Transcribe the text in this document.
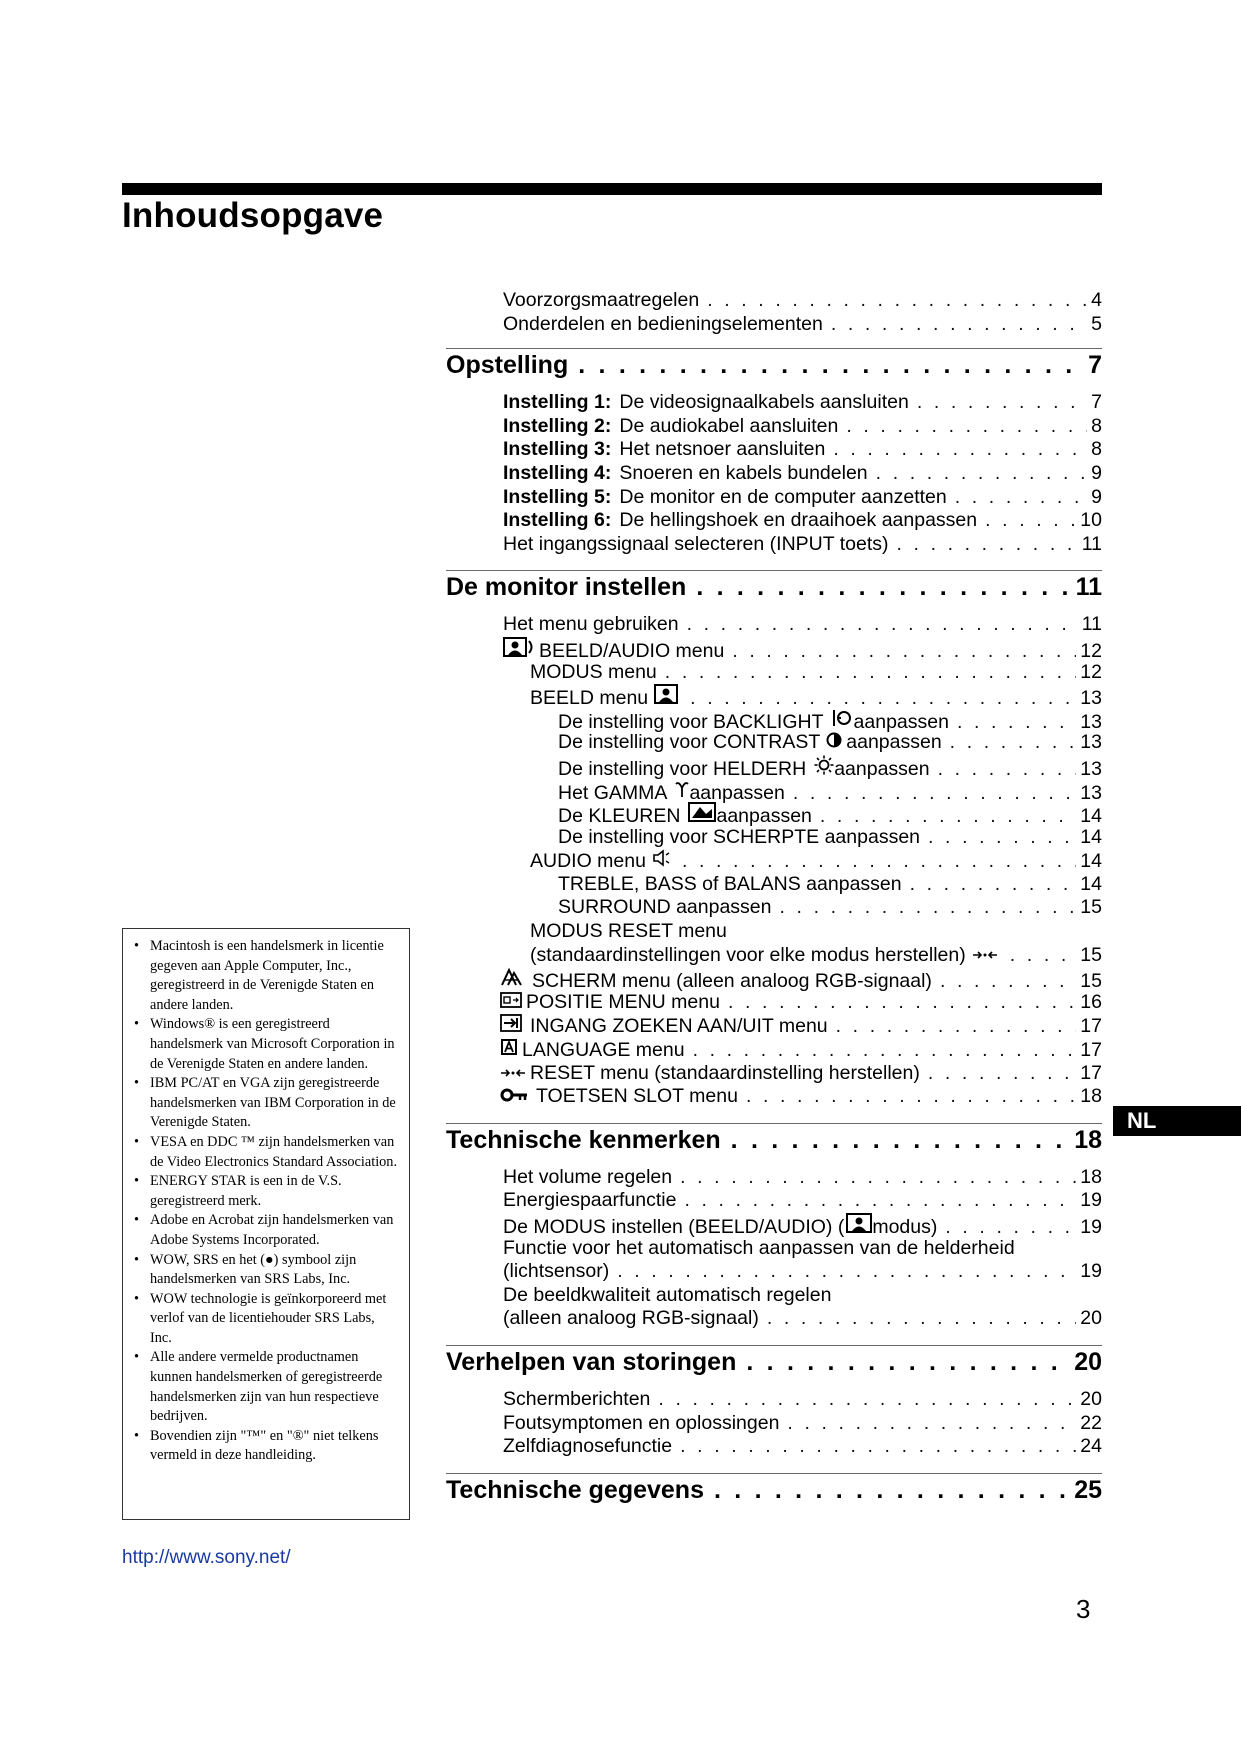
Inhoudsopgave
Voorzorgsmaatregelen . . .	4
Onderdelen en bedieningselementen . . .	5
Opstelling . . .	7
Instelling 1: De videosignaalkabels aansluiten . . .	7
Instelling 2: De audiokabel aansluiten . . .	8
Instelling 3: Het netsnoer aansluiten . . .	8
Instelling 4: Snoeren en kabels bundelen . . .	9
Instelling 5: De monitor en de computer aanzetten . . .	9
Instelling 6: De hellingshoek en draaihoek aanpassen . . .	10
Het ingangssignaal selecteren (INPUT toets) . . .	11
De monitor instellen . . .	11
Het menu gebruiken . . .	11
BEELD/AUDIO menu . . .	12
MODUS menu . . .	12
BEELD menu . . .	13
De instelling voor BACKLIGHT aanpassen . . .	13
De instelling voor CONTRAST aanpassen . . .	13
De instelling voor HELDERH aanpassen . . .	13
Het GAMMA aanpassen . . .	13
De KLEUREN aanpassen . . .	14
De instelling voor SCHERPTE aanpassen . . .	14
AUDIO menu . . .	14
TREBLE, BASS of BALANS aanpassen . . .	14
SURROUND aanpassen . . .	15
MODUS RESET menu
(standaardinstellingen voor elke modus herstellen) . . .	15
SCHERM menu (alleen analoog RGB-signaal) . . .	15
POSITIE MENU menu . . .	16
INGANG ZOEKEN AAN/UIT menu . . .	17
LANGUAGE menu . . .	17
RESET menu (standaardinstelling herstellen) . . .	17
TOETSEN SLOT menu . . .	18
Technische kenmerken . . .	18
Het volume regelen . . .	18
Energiespaarfunctie . . .	19
De MODUS instellen (BEELD/AUDIO) ( modus) . . .	19
Functie voor het automatisch aanpassen van de helderheid
(lichtsensor) . . .	19
De beeldkwaliteit automatisch regelen
(alleen analoog RGB-signaal) . . .	20
Verhelpen van storingen . . .	20
Schermberichten . . .	20
Foutsymptomen en oplossingen . . .	22
Zelfdiagnosefunctie . . .	24
Technische gegevens . . .	25
• Macintosh is een handelsmerk in licentie gegeven aan Apple Computer, Inc., geregistreerd in de Verenigde Staten en andere landen.
• Windows® is een geregistreerd handelsmerk van Microsoft Corporation in de Verenigde Staten en andere landen.
• IBM PC/AT en VGA zijn geregistreerde handelsmerken van IBM Corporation in de Verenigde Staten.
• VESA en DDC ™ zijn handelsmerken van de Video Electronics Standard Association.
• ENERGY STAR is een in de V.S. geregistreerd merk.
• Adobe en Acrobat zijn handelsmerken van Adobe Systems Incorporated.
• WOW, SRS en het (●) symbool zijn handelsmerken van SRS Labs, Inc.
• WOW technologie is geïnkorporeerd met verlof van de licentiehouder SRS Labs, Inc.
• Alle andere vermelde productnamen kunnen handelsmerken of geregistreerde handelsmerken zijn van hun respectieve bedrijven.
• Bovendien zijn "™" en "®" niet telkens vermeld in deze handleiding.
http://www.sony.net/
3
NL
